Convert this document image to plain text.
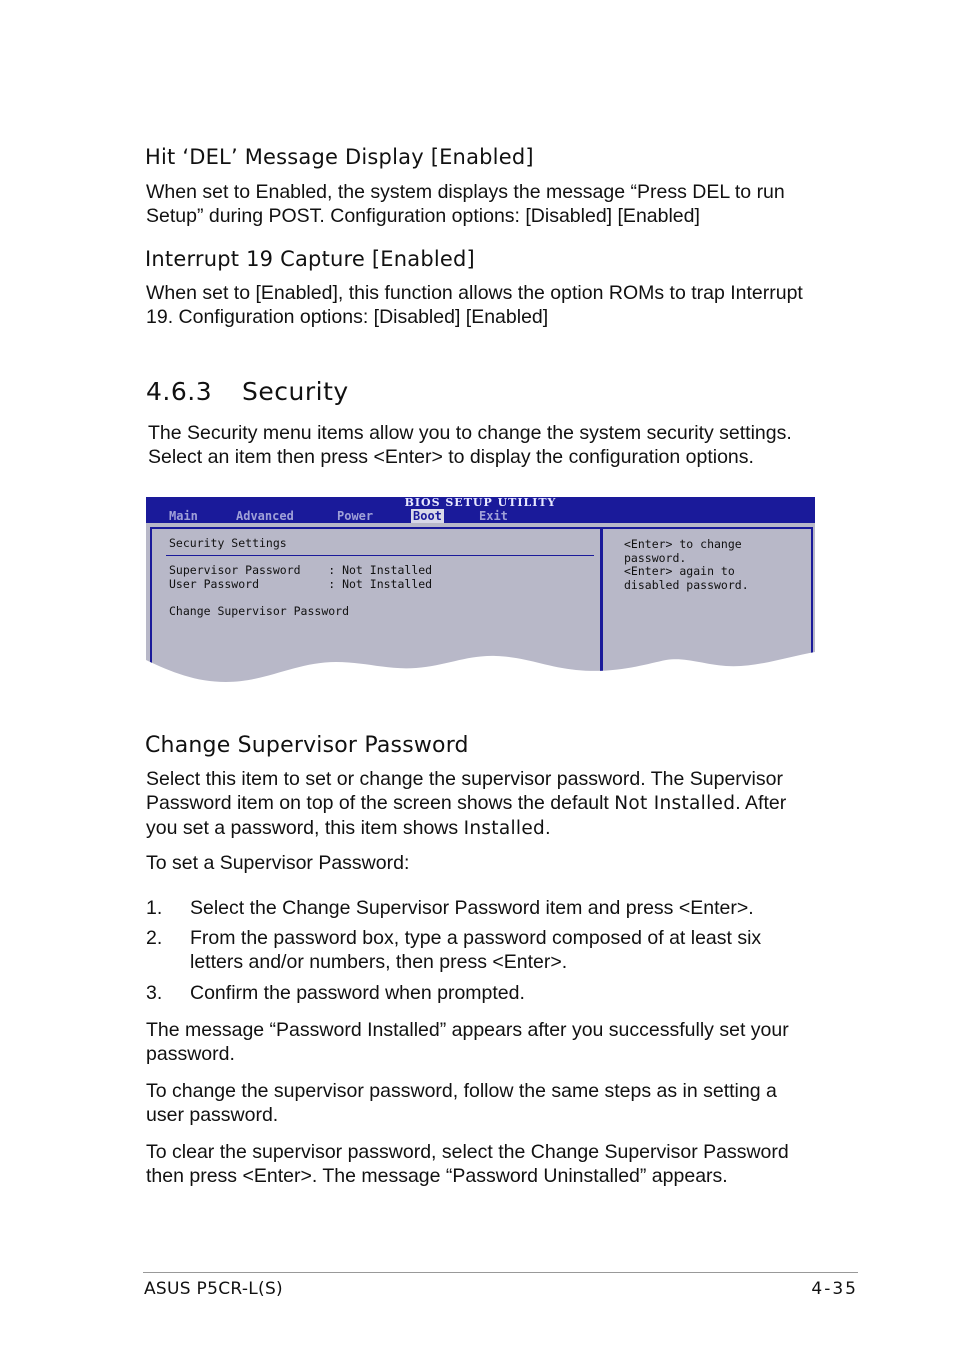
Hit ‘DEL’ Message Display [Enabled]

When set to Enabled, the system displays the message “Press DEL to run Setup” during POST. Configuration options: [Disabled] [Enabled]

Interrupt 19 Capture [Enabled]

When set to [Enabled], this function allows the option ROMs to trap Interrupt 19. Configuration options: [Disabled] [Enabled]

4.6.3 Security

The Security menu items allow you to change the system security settings.
Select an item then press <Enter> to display the configuration options.

BIOS SETUP UTILITY
Main	Advanced	Power	Boot	Exit
Security Settings
Supervisor Password    : Not Installed
User Password          : Not Installed
Change Supervisor Password
<Enter> to change
password.
<Enter> again to
disabled password.
Change Supervisor Password

Select this item to set or change the supervisor password. The Supervisor Password item on top of the screen shows the default Not Installed. After you set a password, this item shows Installed.

To set a Supervisor Password:

1. Select the Change Supervisor Password item and press <Enter>.

2. From the password box, type a password composed of at least six letters and/or numbers, then press <Enter>.

3. Confirm the password when prompted.

The message “Password Installed” appears after you successfully set your password.

To change the supervisor password, follow the same steps as in setting a user password.

To clear the supervisor password, select the Change Supervisor Password then press <Enter>. The message “Password Uninstalled” appears.

ASUS P5CR-L(S)	4-35
